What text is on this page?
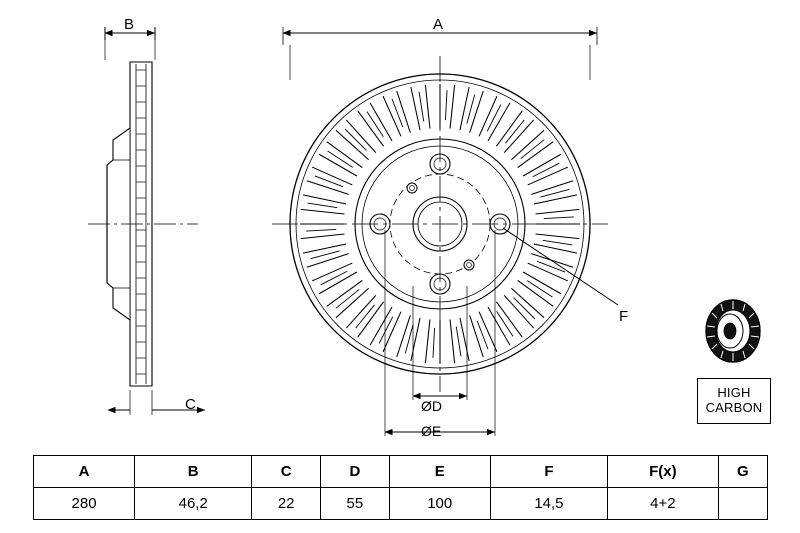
B
C
A
F
ØD
ØE
HIGH
CARBON
A	B	C	D	E	F	F(x)	G
280	46,2	22	55	100	14,5	4+2	
